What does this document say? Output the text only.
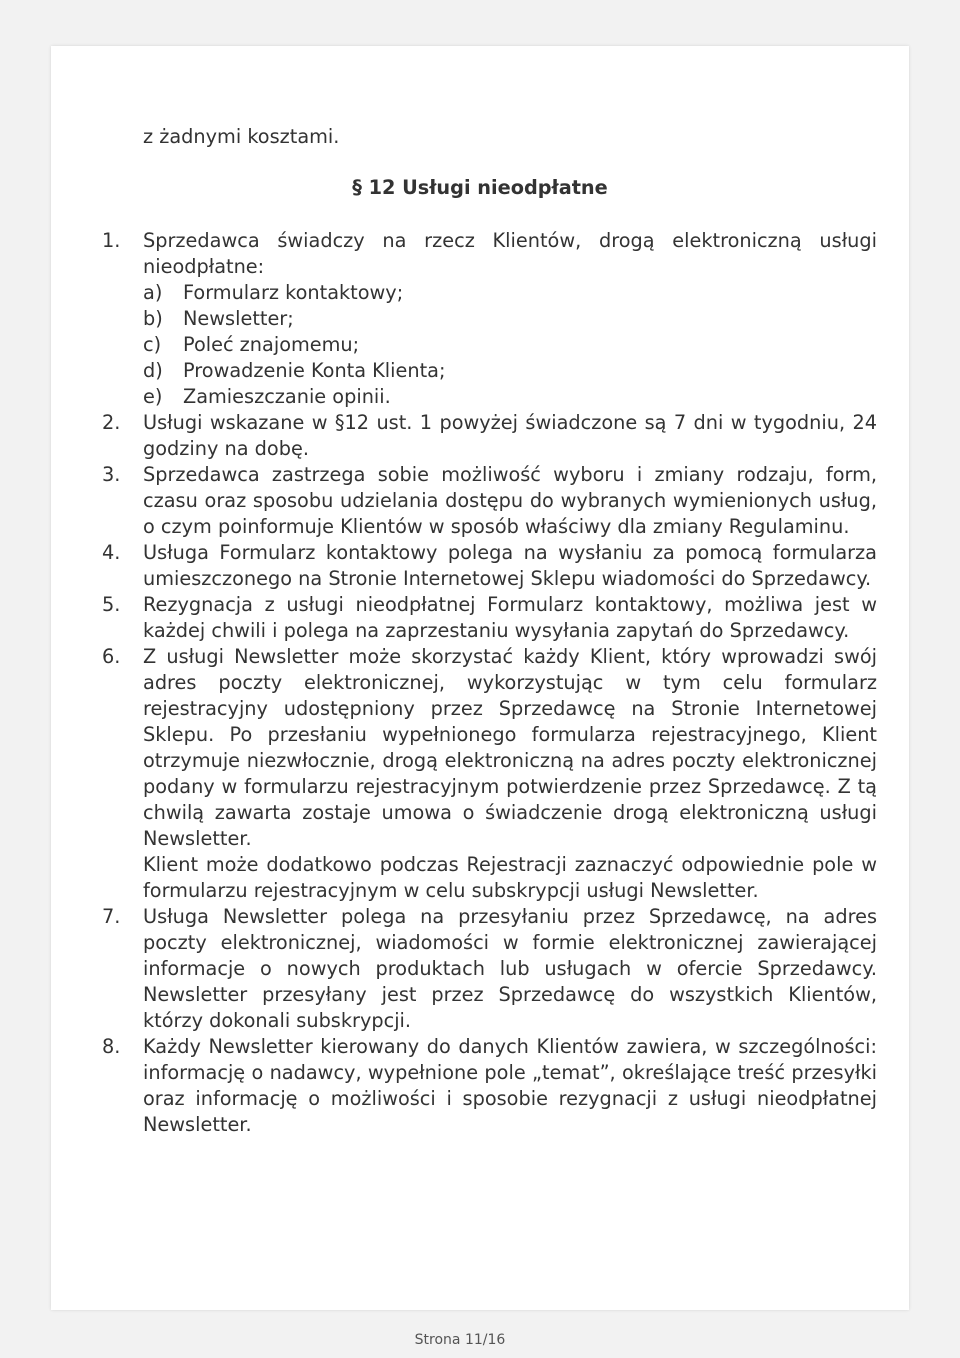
z żadnymi kosztami.
§ 12 Usługi nieodpłatne
1. Sprzedawca świadczy na rzecz Klientów, drogą elektroniczną usługi nieodpłatne:
a) Formularz kontaktowy;
b) Newsletter;
c) Poleć znajomemu;
d) Prowadzenie Konta Klienta;
e) Zamieszczanie opinii.
2. Usługi wskazane w §12 ust. 1 powyżej świadczone są 7 dni w tygodniu, 24 godziny na dobę.
3. Sprzedawca zastrzega sobie możliwość wyboru i zmiany rodzaju, form, czasu oraz sposobu udzielania dostępu do wybranych wymienionych usług, o czym poinformuje Klientów w sposób właściwy dla zmiany Regulaminu.
4. Usługa Formularz kontaktowy polega na wysłaniu za pomocą formularza umieszczonego na Stronie Internetowej Sklepu wiadomości do Sprzedawcy.
5. Rezygnacja z usługi nieodpłatnej Formularz kontaktowy, możliwa jest w każdej chwili i polega na zaprzestaniu wysyłania zapytań do Sprzedawcy.
6. Z usługi Newsletter może skorzystać każdy Klient, który wprowadzi swój adres poczty elektronicznej, wykorzystując w tym celu formularz rejestracyjny udostępniony przez Sprzedawcę na Stronie Internetowej Sklepu. Po przesłaniu wypełnionego formularza rejestracyjnego, Klient otrzymuje niezwłocznie, drogą elektroniczną na adres poczty elektronicznej podany w formularzu rejestracyjnym potwierdzenie przez Sprzedawcę. Z tą chwilą zawarta zostaje umowa o świadczenie drogą elektroniczną usługi Newsletter.
Klient może dodatkowo podczas Rejestracji zaznaczyć odpowiednie pole w formularzu rejestracyjnym w celu subskrypcji usługi Newsletter.
7. Usługa Newsletter polega na przesyłaniu przez Sprzedawcę, na adres poczty elektronicznej, wiadomości w formie elektronicznej zawierającej informacje o nowych produktach lub usługach w ofercie Sprzedawcy. Newsletter przesyłany jest przez Sprzedawcę do wszystkich Klientów, którzy dokonali subskrypcji.
8. Każdy Newsletter kierowany do danych Klientów zawiera, w szczególności: informację o nadawcy, wypełnione pole „temat”, określające treść przesyłki oraz informację o możliwości i sposobie rezygnacji z usługi nieodpłatnej Newsletter.
Strona 11/16
